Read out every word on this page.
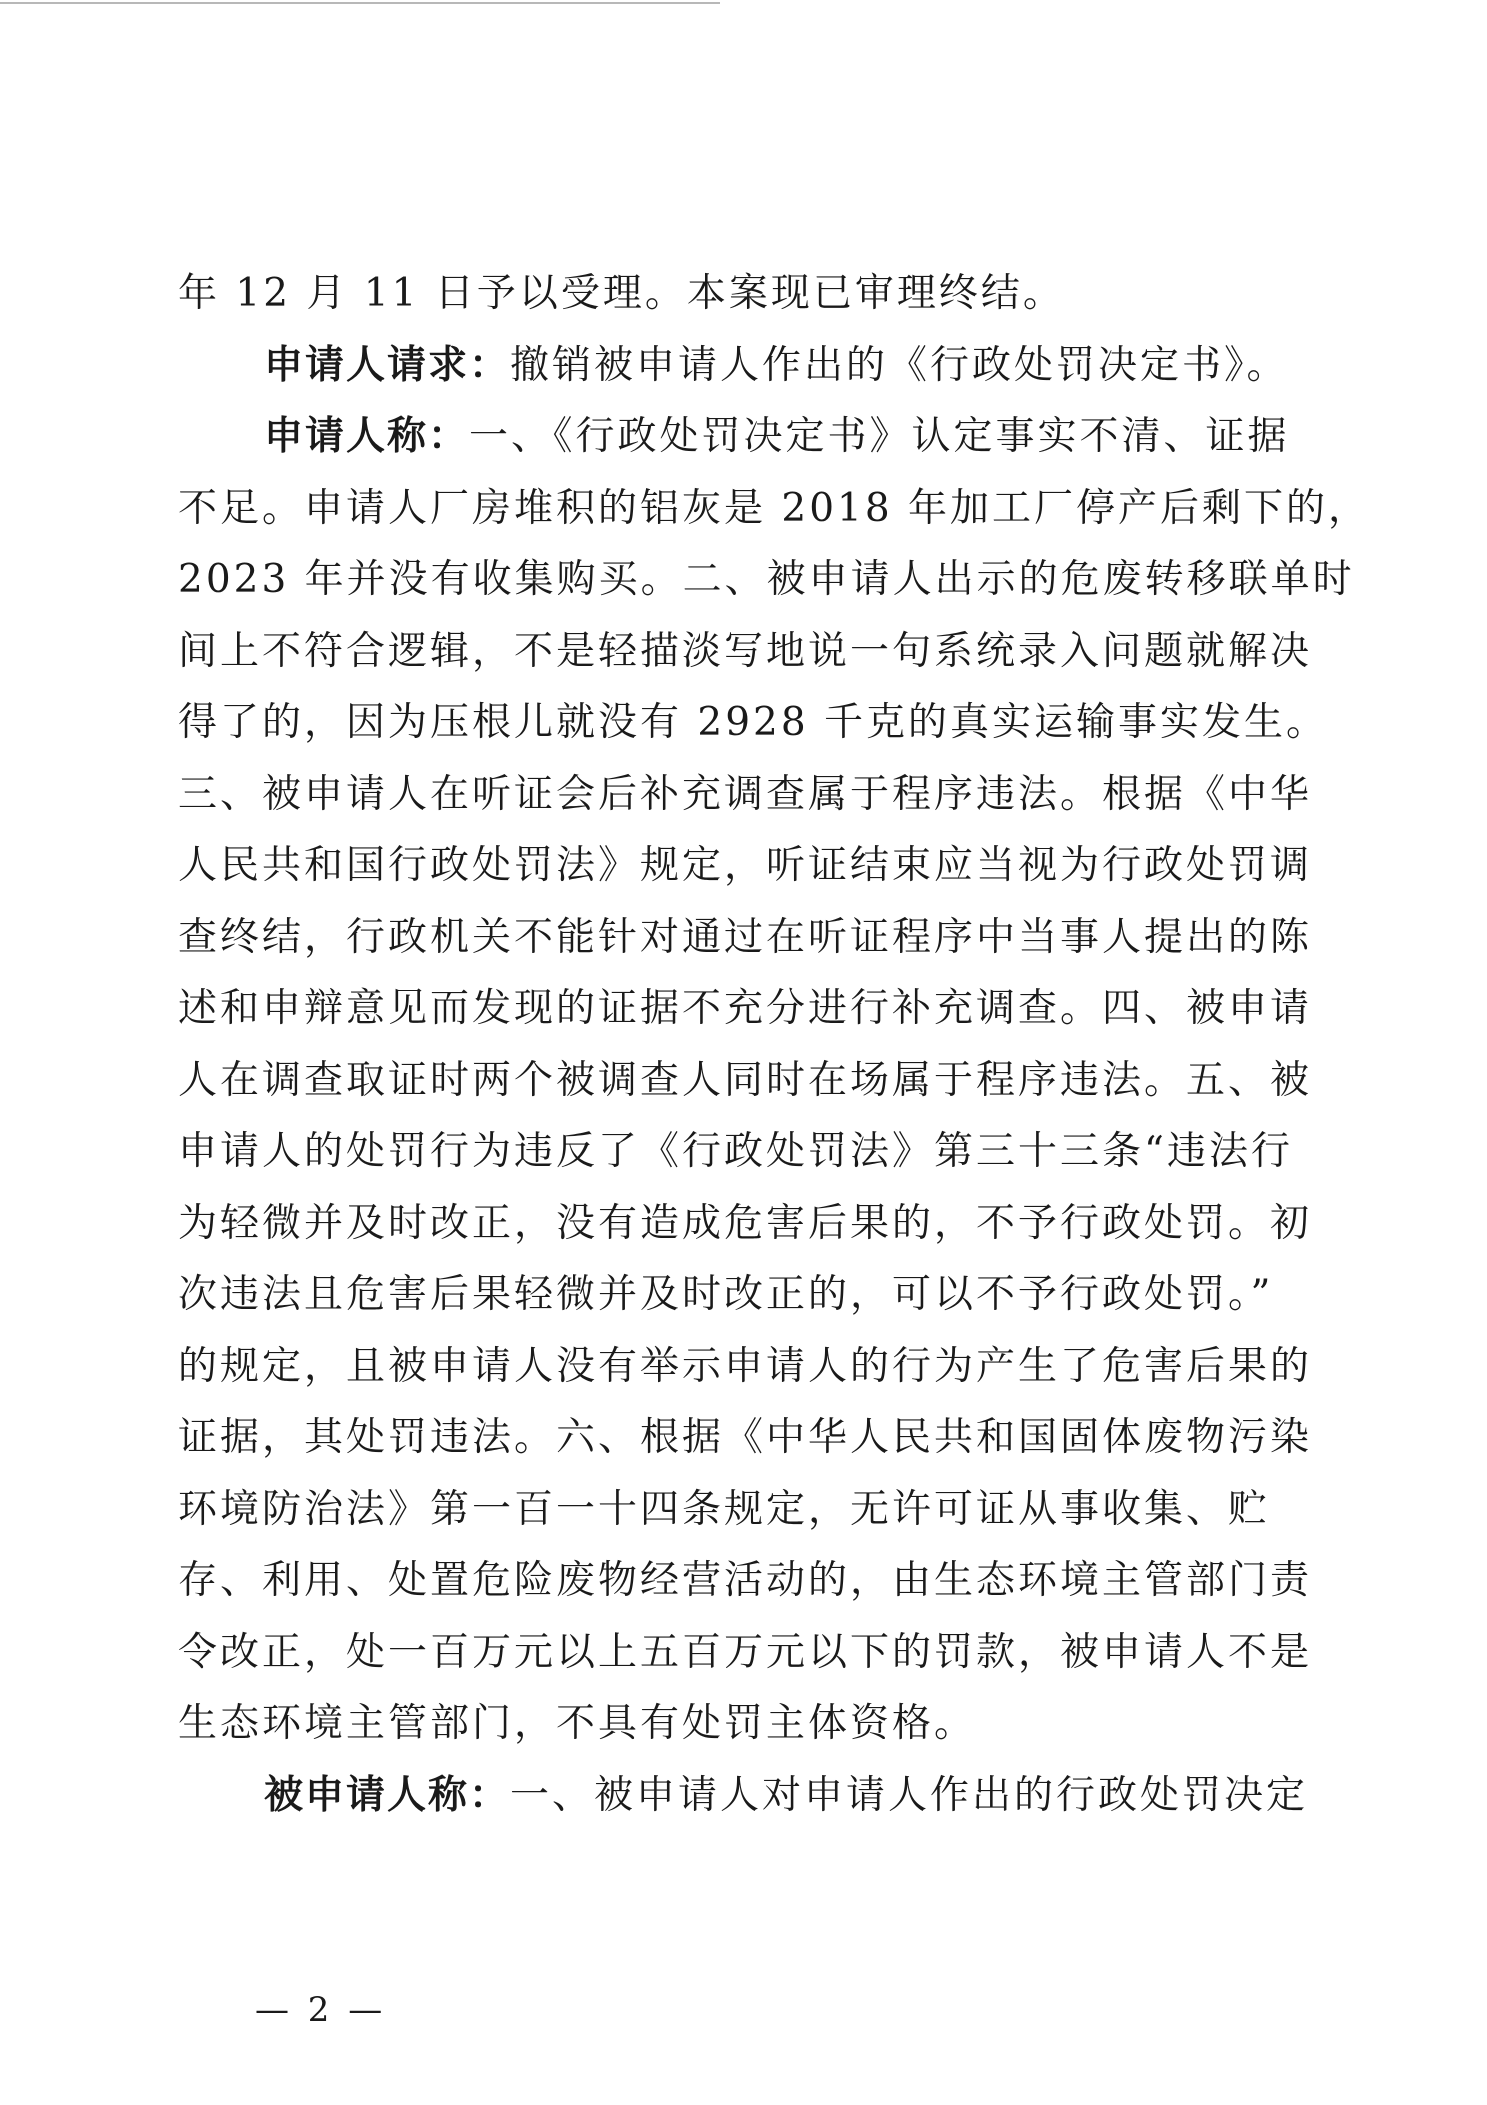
年 12 月 11 日予以受理。本案现已审理终结。
申请人请求：撤销被申请人作出的《行政处罚决定书》。
申请人称：一、《行政处罚决定书》认定事实不清、证据
不足。申请人厂房堆积的铝灰是 2018 年加工厂停产后剩下的，
2023 年并没有收集购买。二、被申请人出示的危废转移联单时
间上不符合逻辑，不是轻描淡写地说一句系统录入问题就解决
得了的，因为压根儿就没有 2928 千克的真实运输事实发生。
三、被申请人在听证会后补充调查属于程序违法。根据《中华
人民共和国行政处罚法》规定，听证结束应当视为行政处罚调
查终结，行政机关不能针对通过在听证程序中当事人提出的陈
述和申辩意见而发现的证据不充分进行补充调查。四、被申请
人在调查取证时两个被调查人同时在场属于程序违法。五、被
申请人的处罚行为违反了《行政处罚法》第三十三条“违法行
为轻微并及时改正，没有造成危害后果的，不予行政处罚。初
次违法且危害后果轻微并及时改正的，可以不予行政处罚。”
的规定，且被申请人没有举示申请人的行为产生了危害后果的
证据，其处罚违法。六、根据《中华人民共和国固体废物污染
环境防治法》第一百一十四条规定，无许可证从事收集、贮
存、利用、处置危险废物经营活动的，由生态环境主管部门责
令改正，处一百万元以上五百万元以下的罚款，被申请人不是
生态环境主管部门，不具有处罚主体资格。
被申请人称：一、被申请人对申请人作出的行政处罚决定
— 2 —
